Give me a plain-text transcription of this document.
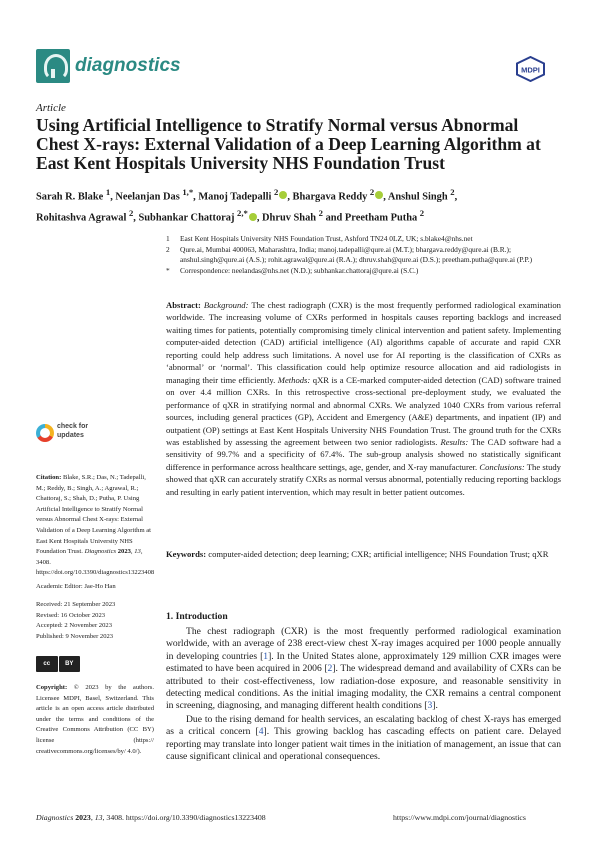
diagnostics	MDPI
Article
Using Artificial Intelligence to Stratify Normal versus Abnormal Chest X-rays: External Validation of a Deep Learning Algorithm at East Kent Hospitals University NHS Foundation Trust
Sarah R. Blake $^1$, Neelanjan Das $^{1,*}$, Manoj Tadepalli $^2$ , Bhargava Reddy $^2$ , Anshul Singh $^2$,
Rohitashva Agrawal $^2$, Subhankar Chattoraj $^{2,*}$ , Dhruv Shah $^2$ and Preetham Putha $^2$
1	East Kent Hospitals University NHS Foundation Trust, Ashford TN24 0LZ, UK; s.blake4@nhs.net
2	Qure.ai, Mumbai 400063, Maharashtra, India; manoj.tadepalli@qure.ai (M.T.); bhargava.reddy@qure.ai (B.R.); anshul.singh@qure.ai (A.S.); rohit.agrawal@qure.ai (R.A.); dhruv.shah@qure.ai (D.S.); preetham.putha@qure.ai (P.P.)
*	Correspondence: neelandas@nhs.net (N.D.); subhankar.chattoraj@qure.ai (S.C.)
Abstract: Background: The chest radiograph (CXR) is the most frequently performed radiological examination worldwide. The increasing volume of CXRs performed in hospitals causes reporting backlogs and increased waiting times for patients, potentially compromising timely clinical intervention and patient safety. Implementing computer-aided detection (CAD) artificial intelligence (AI) algorithms capable of accurate and rapid CXR reporting could help address such limitations. A novel use for AI reporting is the classification of CXRs as ‘abnormal’ or ‘normal’. This classification could help optimize resource allocation and aid radiologists in managing their time efficiently. Methods: qXR is a CE-marked computer-aided detection (CAD) software trained on over 4.4 million CXRs. In this retrospective cross-sectional pre-deployment study, we evaluated the performance of qXR in stratifying normal and abnormal CXRs. We analyzed 1040 CXRs from various referral sources, including general practices (GP), Accident and Emergency (A&E) departments, and inpatient (IP) and outpatient (OP) settings at East Kent Hospitals University NHS Foundation Trust. The ground truth for the CXRs was established by assessing the agreement between two senior radiologists. Results: The CAD software had a sensitivity of 99.7% and a specificity of 67.4%. The sub-group analysis showed no statistically significant difference in performance across healthcare settings, age, gender, and X-ray manufacturer. Conclusions: The study showed that qXR can accurately stratify CXRs as normal versus abnormal, potentially reducing reporting backlogs and resulting in early patient intervention, which may result in better patient outcomes.
Keywords: computer-aided detection; deep learning; CXR; artificial intelligence; NHS Foundation Trust; qXR
check for
updates
Citation: Blake, S.R.; Das, N.; Tadepalli, M.; Reddy, B.; Singh, A.; Agrawal, R.; Chattoraj, S.; Shah, D.; Putha, P. Using Artificial Intelligence to Stratify Normal versus Abnormal Chest X-rays: External Validation of a Deep Learning Algorithm at East Kent Hospitals University NHS Foundation Trust. Diagnostics 2023, 13, 3408. https://doi.org/10.3390/diagnostics13223408
Academic Editor: Jae-Ho Han
Received: 21 September 2023
Revised: 16 October 2023
Accepted: 2 November 2023
Published: 9 November 2023
cc	BY
Copyright: © 2023 by the authors. Licensee MDPI, Basel, Switzerland. This article is an open access article distributed under the terms and conditions of the Creative Commons Attribution (CC BY) license (https:// creativecommons.org/licenses/by/ 4.0/).
1. Introduction

The chest radiograph (CXR) is the most frequently performed radiological examination worldwide, with an average of 238 erect-view chest X-ray images acquired per 1000 people annually in developing countries [1]. In the United States alone, approximately 129 million CXR images were estimated to have been acquired in 2006 [2]. The widespread demand and availability of CXRs can be attributed to their cost-effectiveness, low radiation-dose exposure, and reasonable sensitivity in detecting medical conditions. As the initial imaging modality, the CXR remains a central component in screening, diagnosing, and managing different health conditions [3].

Due to the rising demand for health services, an escalating backlog of chest X-rays has emerged as a critical concern [4]. This growing backlog has cascading effects on patient care. Delayed reporting may translate into longer patient wait times in the initiation of management, an issue that can cause significant clinical and operational consequences.

Diagnostics 2023, 13, 3408. https://doi.org/10.3390/diagnostics13223408	https://www.mdpi.com/journal/diagnostics
